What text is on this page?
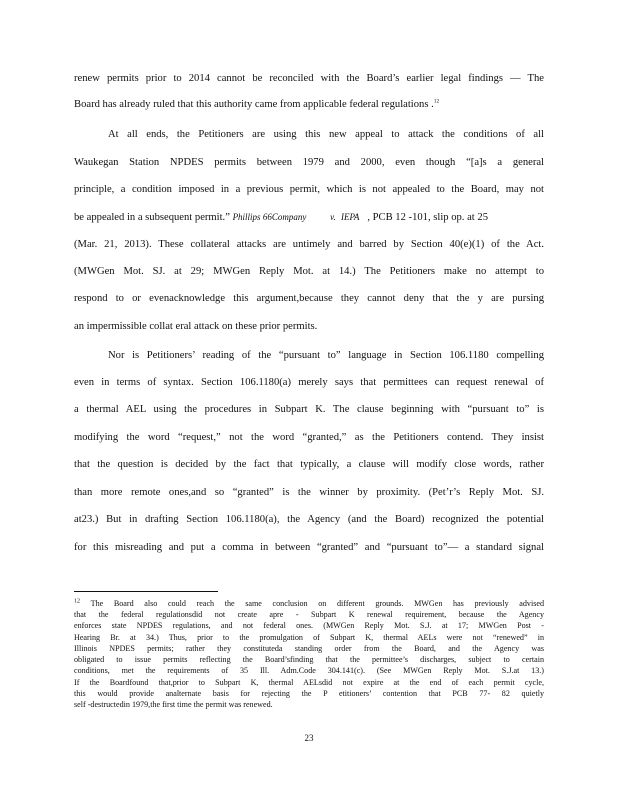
renew permits prior to 2014 cannot be reconciled with the Board’s earlier legal findings — The
Board has already ruled that this authority came from applicable federal regulations .$^{12}$
At all ends, the Petitioners are using this new appeal to attack the conditions of all
Waukegan Station NPDES permits between 1979 and 2000, even though “[a]s a general
principle, a condition imposed in a previous permit, which is not appealed to the Board, may not
be appealed in a subsequent permit.” Phillips 66Company	v. IEPA , PCB 12 -101, slip op. at 25
(Mar. 21, 2013). These collateral attacks are untimely and barred by Section 40(e)(1) of the Act.
(MWGen Mot. SJ. at 29; MWGen Reply Mot. at 14.) The Petitioners make no attempt to
respond to or evenacknowledge this argument,because they cannot deny that the y are pursing
an impermissible collat eral attack on these prior permits.
Nor is Petitioners’ reading of the “pursuant to” language in Section 106.1180 compelling
even in terms of syntax. Section 106.1180(a) merely says that permittees can request renewal of
a thermal AEL using the procedures in Subpart K. The clause beginning with “pursuant to” is
modifying the word “request,” not the word “granted,” as the Petitioners contend. They insist
that the question is decided by the fact that typically, a clause will modify close words, rather
than more remote ones,and so “granted” is the winner by proximity. (Pet’r’s Reply Mot. SJ.
at23.) But in drafting Section 106.1180(a), the Agency (and the Board) recognized the potential
for this misreading and put a comma in between “granted” and “pursuant to”— a standard signal
$^{12}$ The Board also could reach the same conclusion on different grounds. MWGen has previously advised
that the federal regulationsdid not create apre - Subpart K renewal requirement, because the Agency
enforces state NPDES regulations, and not federal ones. (MWGen Reply Mot. S.J. at 17; MWGen Post -
Hearing Br. at 34.) Thus, prior to the promulgation of Subpart K, thermal AELs were not “renewed” in
Illinois NPDES permits; rather they constituteda standing order from the Board, and the Agency was
obligated to issue permits reflecting the Board’sfinding that the permittee’s discharges, subject to certain
conditions, met the requirements of 35 Ill. Adm.Code 304.141(c). (See MWGen Reply Mot. S.J.at 13.)
If the Boardfound that,prior to Subpart K, thermal AELsdid not expire at the end of each permit cycle,
this would provide analternate basis for rejecting the P etitioners’ contention that PCB 77- 82 quietly
self -destructedin 1979,the first time the permit was renewed.
23
